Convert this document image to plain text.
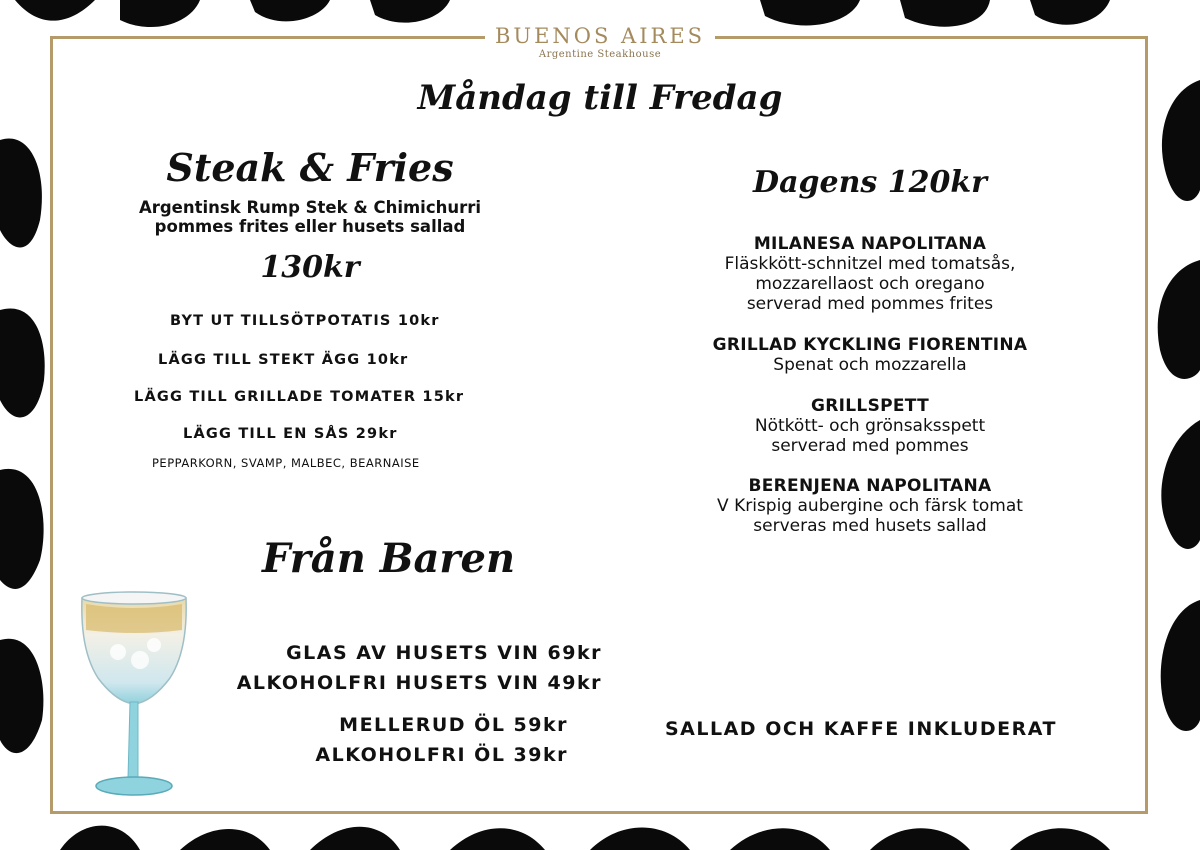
BUENOS AIRES
Argentine Steakhouse
Måndag till Fredag
Steak & Fries
Argentinsk Rump Stek & Chimichurri
pommes frites eller husets sallad
130kr
BYT UT TILLSÖTPOTATIS 10kr
LÄGG TILL STEKT ÄGG 10kr
LÄGG TILL GRILLADE TOMATER 15kr
LÄGG TILL EN SÅS 29kr
PEPPARKORN, SVAMP, MALBEC, BEARNAISE
Dagens 120kr
MILANESA NAPOLITANA
Fläskkött-schnitzel med tomatsås,
mozzarellaost och oregano
serverad med pommes frites
GRILLAD KYCKLING FIORENTINA
Spenat och mozzarella
GRILLSPETT
Nötkött- och grönsaksspett
serverad med pommes
BERENJENA NAPOLITANA
V Krispig aubergine och färsk tomat
serveras med husets sallad
Från Baren
GLAS AV HUSETS VIN 69kr
ALKOHOLFRI HUSETS VIN 49kr
MELLERUD ÖL 59kr
ALKOHOLFRI ÖL 39kr
SALLAD OCH KAFFE INKLUDERAT
